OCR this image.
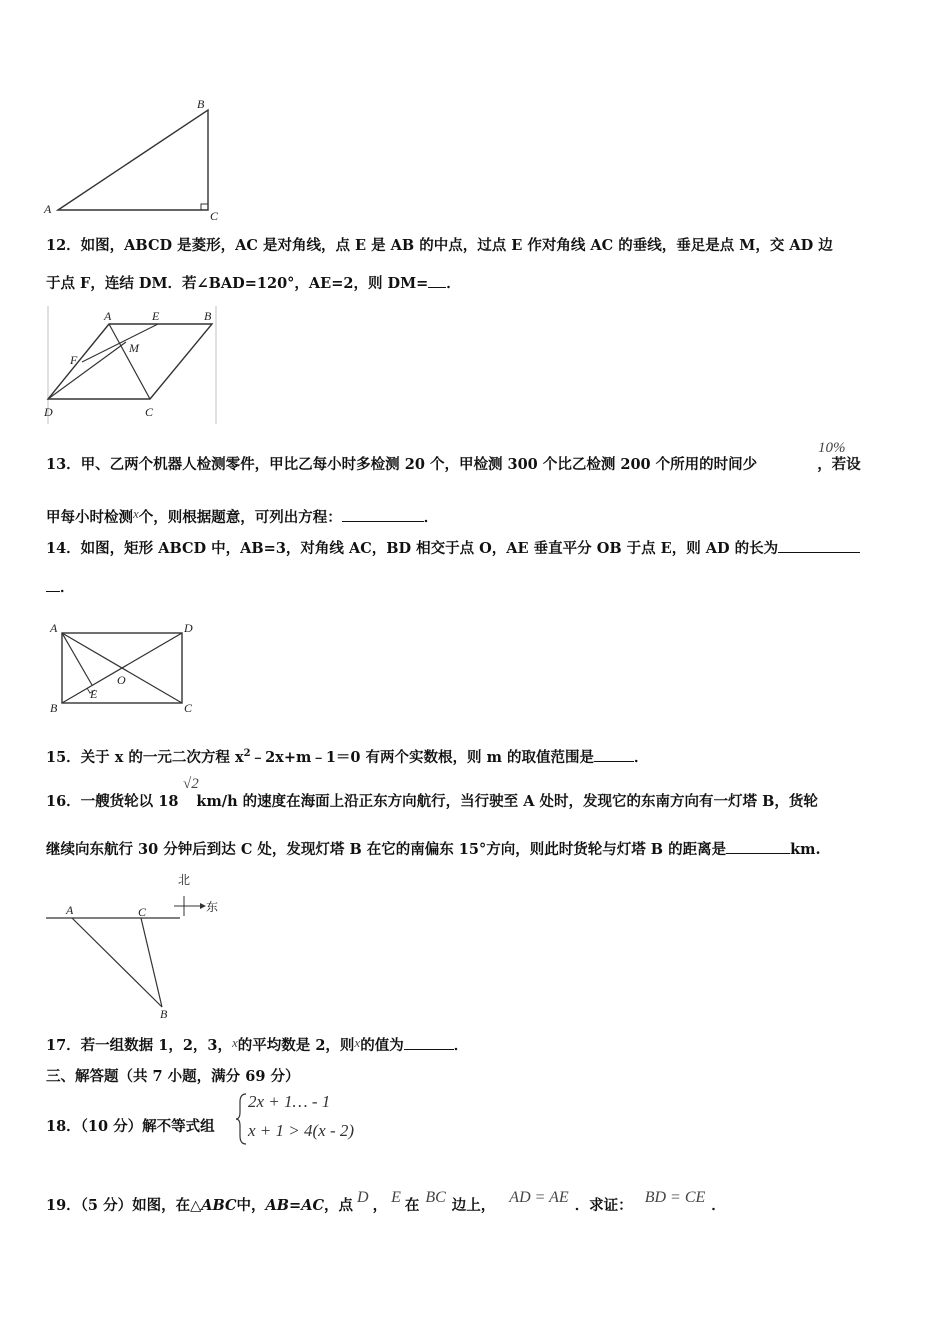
A
B
C
12．如图，ABCD 是菱形，AC 是对角线，点 E 是 AB 的中点，过点 E 作对角线 AC 的垂线，垂足是点 M，交 AD 边
于点 F，连结 DM．若∠BAD=120°，AE=2，则 DM= ．
A	E	B
F
M
D	C
10%
13．甲、乙两个机器人检测零件，甲比乙每小时多检测 20 个，甲检测 300 个比乙检测 200 个所用的时间少	，若设
甲每小时检测x个，则根据题意，可列出方程：	．
14．如图，矩形 ABCD 中，AB=3，对角线 AC，BD 相交于点 O，AE 垂直平分 OB 于点 E，则 AD 的长为
．
A	D
O
E
B	C
15．关于 x 的一元二次方程 $x^2﹣2x+m﹣1=0$ 有两个实数根，则 m 的取值范围是	．
√2
16．一艘货轮以 18 km/h 的速度在海面上沿正东方向航行，当行驶至 A 处时，发现它的东南方向有一灯塔 B，货轮
继续向东航行 30 分钟后到达 C 处，发现灯塔 B 在它的南偏东 15°方向，则此时货轮与灯塔 B 的距离是	km.
北
东
A	C
B
17．若一组数据 1，2，3，x的平均数是 2，则x的值为	．
三、解答题（共 7 小题，满分 69 分）
18．（10 分）解不等式组
2x + 1… - 1
x + 1 > 4(x - 2)
19．（5 分）如图，在△ABC中，AB=AC，点 D ， E 在 BC 边上， AD = AE ．求证： BD = CE ．
